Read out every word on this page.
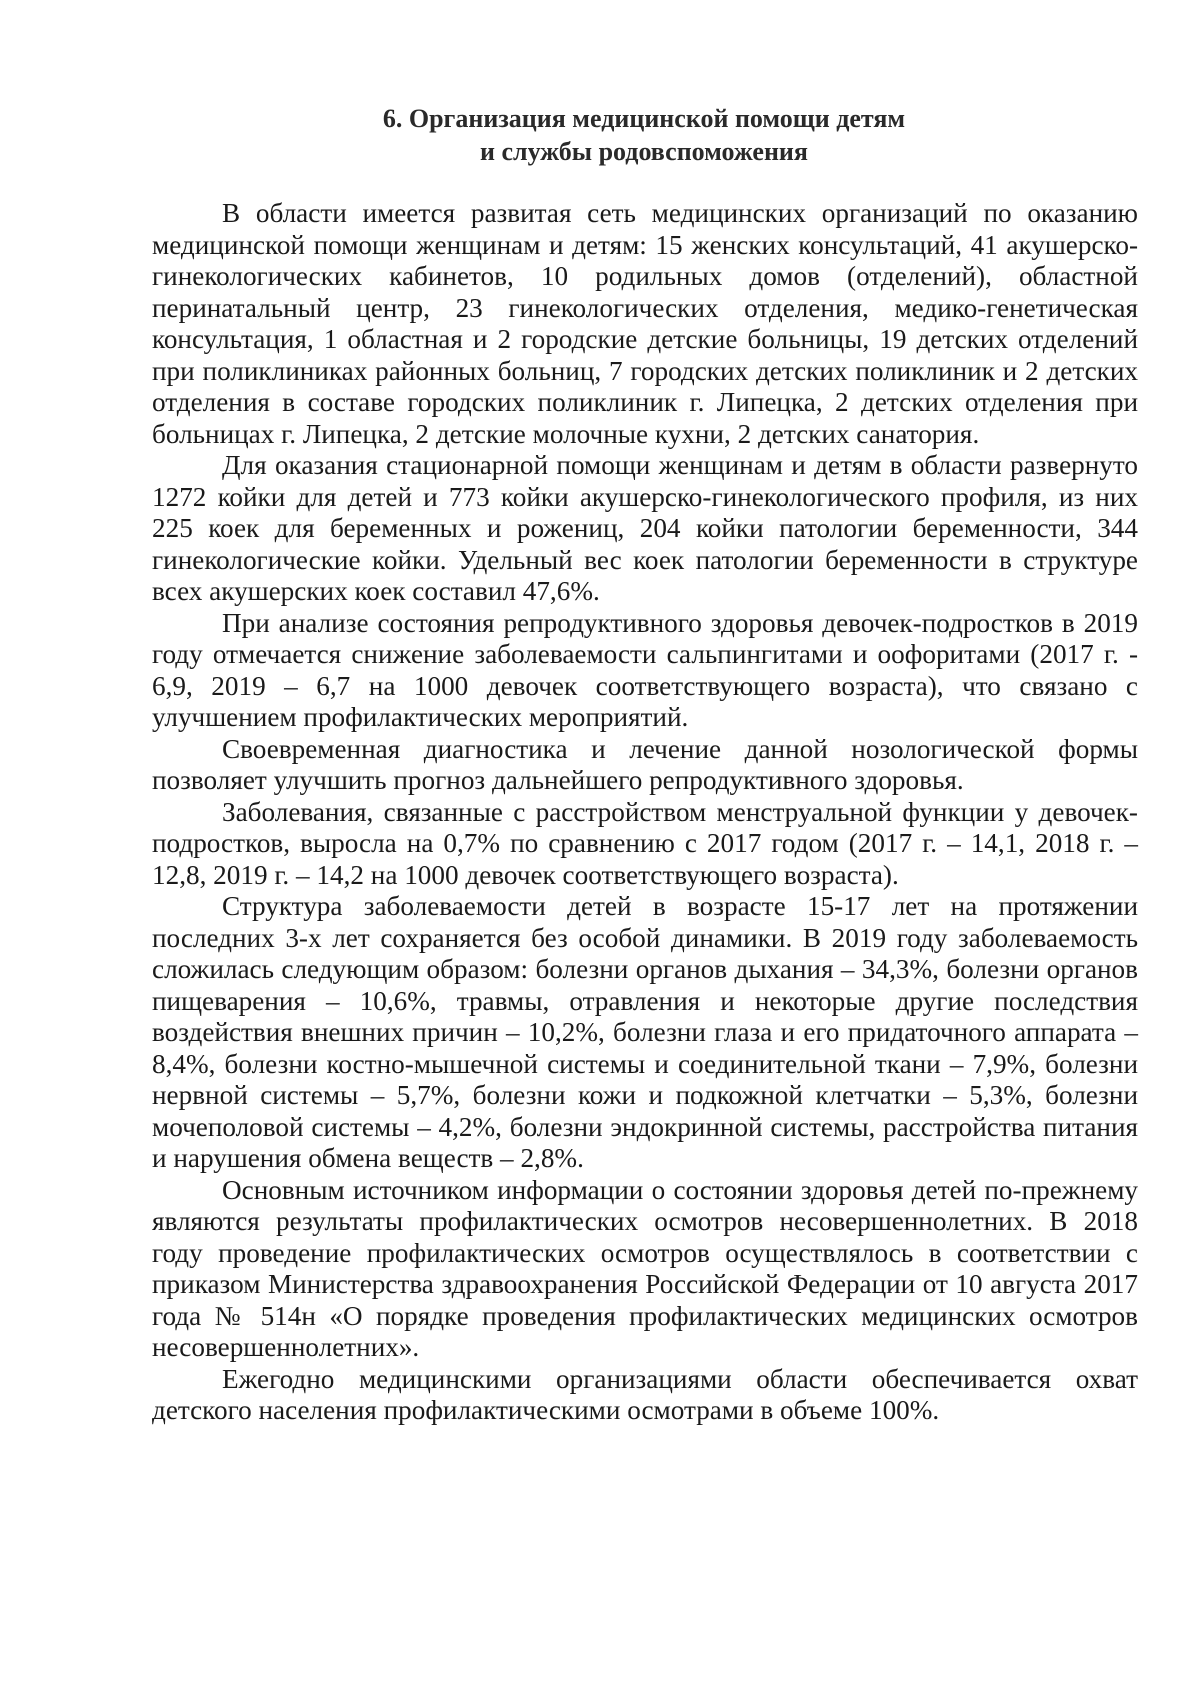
6. Организация медицинской помощи детям
и службы родовспоможения

В области имеется развитая сеть медицинских организаций по оказанию медицинской помощи женщинам и детям: 15 женских консультаций, 41 акушерско-гинекологических кабинетов, 10 родильных домов (отделений), областной перинатальный центр, 23 гинекологических отделения, медико-генетическая консультация, 1 областная и 2 городские детские больницы, 19 детских отделений при поликлиниках районных больниц, 7 городских детских поликлиник и 2 детских отделения в составе городских поликлиник г. Липецка, 2 детских отделения при больницах г. Липецка, 2 детские молочные кухни, 2 детских санатория.

Для оказания стационарной помощи женщинам и детям в области развернуто 1272 койки для детей и 773 койки акушерско-гинекологического профиля, из них 225 коек для беременных и рожениц, 204 койки патологии беременности, 344 гинекологические койки. Удельный вес коек патологии беременности в структуре всех акушерских коек составил 47,6%.

При анализе состояния репродуктивного здоровья девочек-подростков в 2019 году отмечается снижение заболеваемости сальпингитами и оофоритами (2017 г. - 6,9, 2019 – 6,7 на 1000 девочек соответствующего возраста), что связано с улучшением профилактических мероприятий.

Своевременная диагностика и лечение данной нозологической формы позволяет улучшить прогноз дальнейшего репродуктивного здоровья.

Заболевания, связанные с расстройством менструальной функции у девочек-подростков, выросла на 0,7% по сравнению с 2017 годом (2017 г. – 14,1, 2018 г. – 12,8, 2019 г. – 14,2 на 1000 девочек соответствующего возраста).

Структура заболеваемости детей в возрасте 15-17 лет на протяжении последних 3-х лет сохраняется без особой динамики. В 2019 году заболеваемость сложилась следующим образом: болезни органов дыхания – 34,3%, болезни органов пищеварения – 10,6%, травмы, отравления и некоторые другие последствия воздействия внешних причин – 10,2%, болезни глаза и его придаточного аппарата – 8,4%, болезни костно-мышечной системы и соединительной ткани – 7,9%, болезни нервной системы – 5,7%, болезни кожи и подкожной клетчатки – 5,3%, болезни мочеполовой системы – 4,2%, болезни эндокринной системы, расстройства питания и нарушения обмена веществ – 2,8%.

Основным источником информации о состоянии здоровья детей по-прежнему являются результаты профилактических осмотров несовершеннолетних. В 2018 году проведение профилактических осмотров осуществлялось в соответствии с приказом Министерства здравоохранения Российской Федерации от 10 августа 2017 года № 514н «О порядке проведения профилактических медицинских осмотров несовершеннолетних».

Ежегодно медицинскими организациями области обеспечивается охват детского населения профилактическими осмотрами в объеме 100%.
